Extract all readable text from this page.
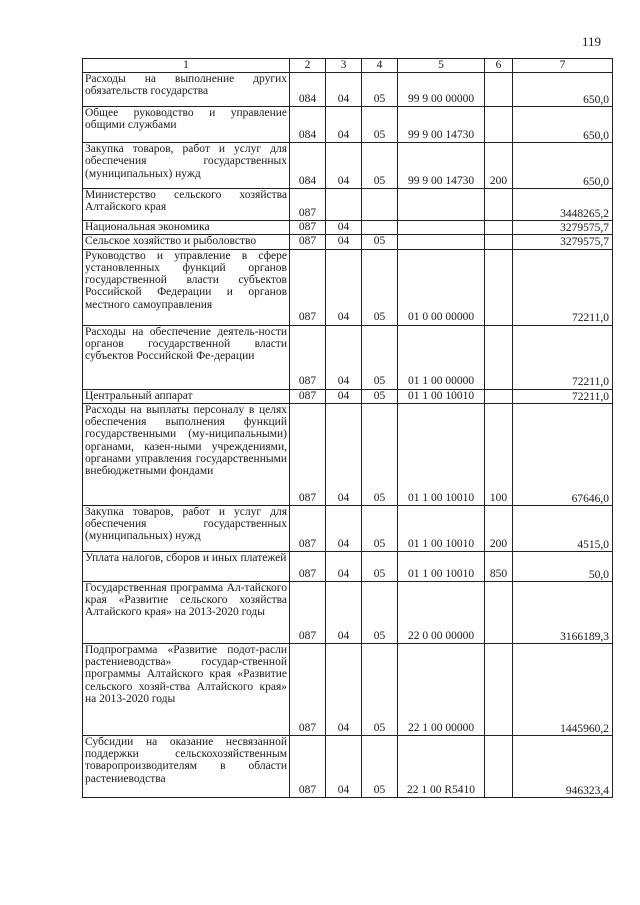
119
1	2	3	4	5	6	7
Расходы на выполнение других обязательств государства	084	04	05	99 9 00 00000		650,0
Общее руководство и управление общими службами	084	04	05	99 9 00 14730		650,0
Закупка товаров, работ и услуг для обеспечения государственных (муниципальных) нужд	084	04	05	99 9 00 14730	200	650,0
Министерство сельского хозяйства Алтайского края	087					3448265,2
Национальная экономика	087	04				3279575,7
Сельское хозяйство и рыболовство	087	04	05			3279575,7
Руководство и управление в сфере установленных функций органов государственной власти субъектов Российской Федерации и органов местного самоуправления	087	04	05	01 0 00 00000		72211,0
Расходы на обеспечение деятель-ности органов государственной власти субъектов Российской Фе-дерации	087	04	05	01 1 00 00000		72211,0
Центральный аппарат	087	04	05	01 1 00 10010		72211,0
Расходы на выплаты персоналу в целях обеспечения выполнения функций государственными (му-ниципальными) органами, казен-ными учреждениями, органами управления государственными внебюджетными фондами	087	04	05	01 1 00 10010	100	67646,0
Закупка товаров, работ и услуг для обеспечения государственных (муниципальных) нужд	087	04	05	01 1 00 10010	200	4515,0
Уплата налогов, сборов и иных платежей	087	04	05	01 1 00 10010	850	50,0
Государственная программа Ал-тайского края «Развитие сельского хозяйства Алтайского края» на 2013-2020 годы	087	04	05	22 0 00 00000		3166189,3
Подпрограмма «Развитие подот-расли растениеводства» государ-ственной программы Алтайского края «Развитие сельского хозяй-ства Алтайского края» на 2013-2020 годы	087	04	05	22 1 00 00000		1445960,2
Субсидии на оказание несвязанной поддержки сельскохозяйственным товаропроизводителям в области растениеводства	087	04	05	22 1 00 R5410		946323,4
